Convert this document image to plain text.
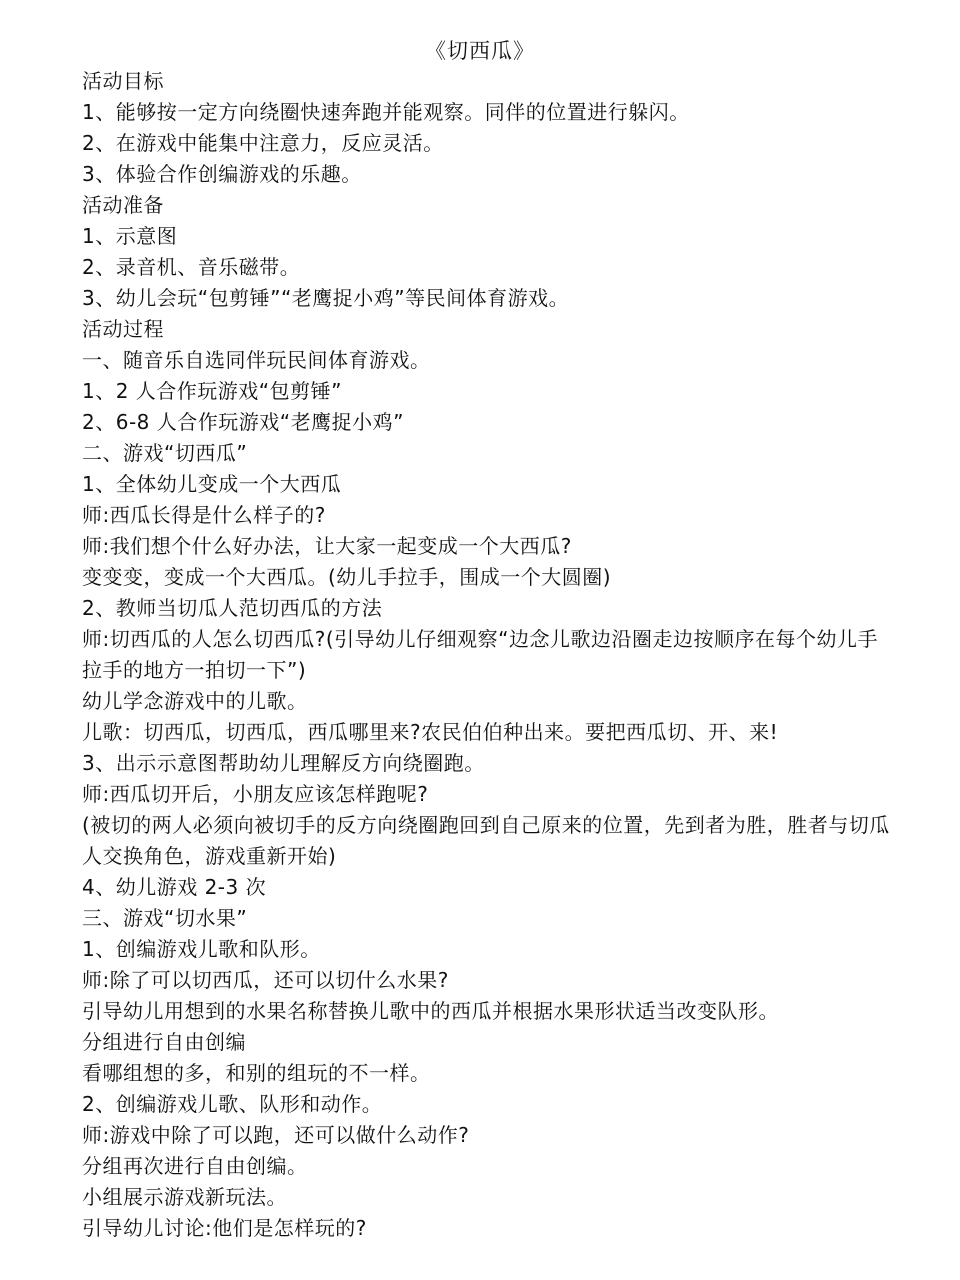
《切西瓜》
活动目标
1、能够按一定方向绕圈快速奔跑并能观察。同伴的位置进行躲闪。
2、在游戏中能集中注意力，反应灵活。
3、体验合作创编游戏的乐趣。
活动准备
1、示意图
2、录音机、音乐磁带。
3、幼儿会玩“包剪锤”“老鹰捉小鸡”等民间体育游戏。
活动过程
一、随音乐自选同伴玩民间体育游戏。
1、2 人合作玩游戏“包剪锤”
2、6-8 人合作玩游戏“老鹰捉小鸡”
二、游戏“切西瓜”
1、全体幼儿变成一个大西瓜
师:西瓜长得是什么样子的?
师:我们想个什么好办法，让大家一起变成一个大西瓜?
变变变，变成一个大西瓜。(幼儿手拉手，围成一个大圆圈)
2、教师当切瓜人范切西瓜的方法
师:切西瓜的人怎么切西瓜?(引导幼儿仔细观察“边念儿歌边沿圈走边按顺序在每个幼儿手
拉手的地方一拍切一下”)
幼儿学念游戏中的儿歌。
儿歌：切西瓜，切西瓜，西瓜哪里来?农民伯伯种出来。要把西瓜切、开、来!
3、出示示意图帮助幼儿理解反方向绕圈跑。
师:西瓜切开后，小朋友应该怎样跑呢?
(被切的两人必须向被切手的反方向绕圈跑回到自己原来的位置，先到者为胜，胜者与切瓜
人交换角色，游戏重新开始)
4、幼儿游戏 2-3 次
三、游戏“切水果”
1、创编游戏儿歌和队形。
师:除了可以切西瓜，还可以切什么水果?
引导幼儿用想到的水果名称替换儿歌中的西瓜并根据水果形状适当改变队形。
分组进行自由创编
看哪组想的多，和别的组玩的不一样。
2、创编游戏儿歌、队形和动作。
师:游戏中除了可以跑，还可以做什么动作?
分组再次进行自由创编。
小组展示游戏新玩法。
引导幼儿讨论:他们是怎样玩的?
